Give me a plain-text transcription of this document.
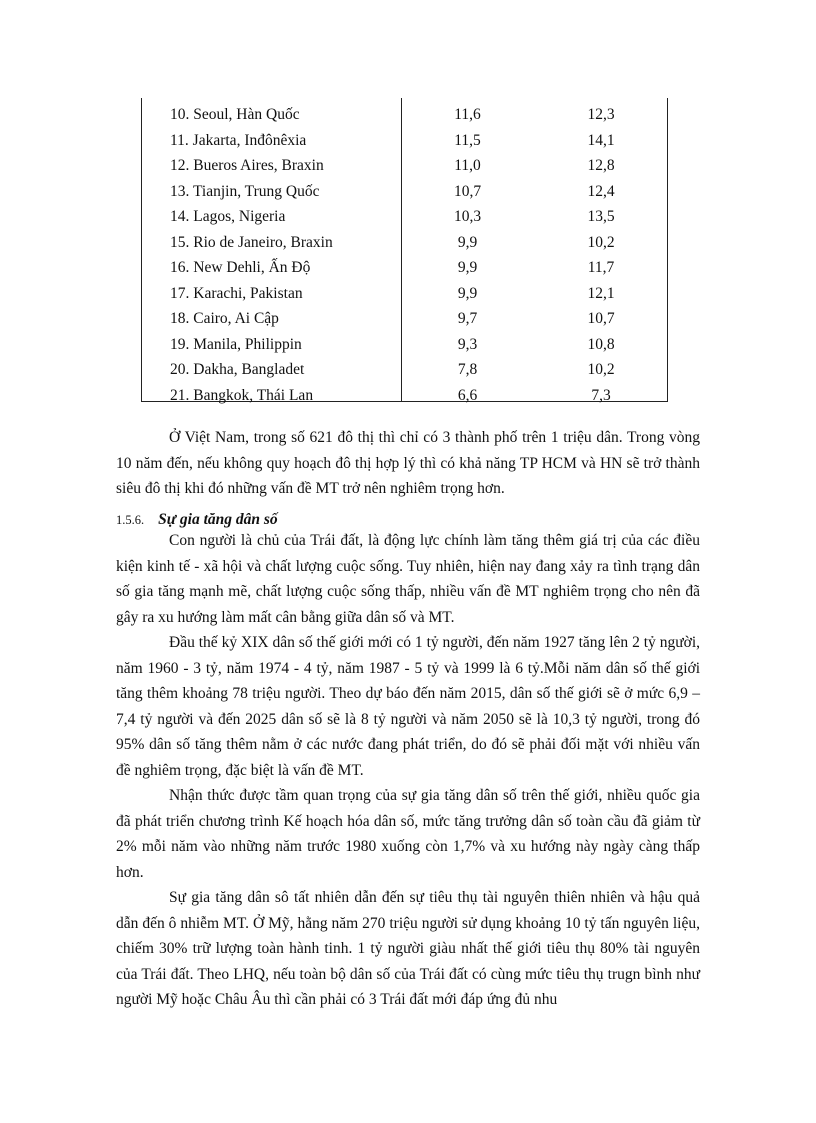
10. Seoul, Hàn Quốc	11,6	12,3
11. Jakarta, Inđônêxia	11,5	14,1
12. Bueros Aires, Braxin	11,0	12,8
13. Tianjin, Trung Quốc	10,7	12,4
14. Lagos, Nigeria	10,3	13,5
15. Rio de Janeiro, Braxin	9,9	10,2
16. New Dehli, Ấn Độ	9,9	11,7
17. Karachi, Pakistan	9,9	12,1
18. Cairo, Ai Cập	9,7	10,7
19. Manila, Philippin	9,3	10,8
20. Dakha, Bangladet	7,8	10,2
21. Bangkok, Thái Lan	6,6	7,3

Ở Việt Nam, trong số 621 đô thị thì chỉ có 3 thành phố trên 1 triệu dân. Trong vòng 10 năm đến, nếu không quy hoạch đô thị hợp lý thì có khả năng TP HCM và HN sẽ trở thành siêu đô thị khi đó những vấn đề MT trở nên nghiêm trọng hơn.

1.5.6. Sự gia tăng dân số

Con người là chủ của Trái đất, là động lực chính làm tăng thêm giá trị của các điều kiện kinh tế - xã hội và chất lượng cuộc sống. Tuy nhiên, hiện nay đang xảy ra tình trạng dân số gia tăng mạnh mẽ, chất lượng cuộc sống thấp, nhiều vấn đề MT nghiêm trọng cho nên đã gây ra xu hướng làm mất cân bằng giữa dân số và MT.

Đầu thế kỷ XIX dân số thế giới mới có 1 tỷ người, đến năm 1927 tăng lên 2 tỷ người, năm 1960 - 3 tỷ, năm 1974 - 4 tỷ, năm 1987 - 5 tỷ và 1999 là 6 tỷ.Mỗi năm dân số thế giới tăng thêm khoảng 78 triệu người. Theo dự báo đến năm 2015, dân số thế giới sẽ ở mức 6,9 – 7,4 tỷ người và đến 2025 dân số sẽ là 8 tỷ người và năm 2050 sẽ là 10,3 tỷ người, trong đó 95% dân số tăng thêm nằm ở các nước đang phát triển, do đó sẽ phải đối mặt với nhiều vấn đề nghiêm trọng, đặc biệt là vấn đề MT.

Nhận thức được tầm quan trọng của sự gia tăng dân số trên thế giới, nhiều quốc gia đã phát triển chương trình Kế hoạch hóa dân số, mức tăng trưởng dân số toàn cầu đã giảm từ 2% mỗi năm vào những năm trước 1980 xuống còn 1,7% và xu hướng này ngày càng thấp hơn.

Sự gia tăng dân sô tất nhiên dẫn đến sự tiêu thụ tài nguyên thiên nhiên và hậu quả dẫn đến ô nhiễm MT. Ở Mỹ, hằng năm 270 triệu người sử dụng khoảng 10 tỷ tấn nguyên liệu, chiếm 30% trữ lượng toàn hành tinh. 1 tỷ người giàu nhất thế giới tiêu thụ 80% tài nguyên của Trái đất. Theo LHQ, nếu toàn bộ dân số của Trái đất có cùng mức tiêu thụ trugn bình như người Mỹ hoặc Châu Âu thì cần phải có 3 Trái đất mới đáp ứng đủ nhu
